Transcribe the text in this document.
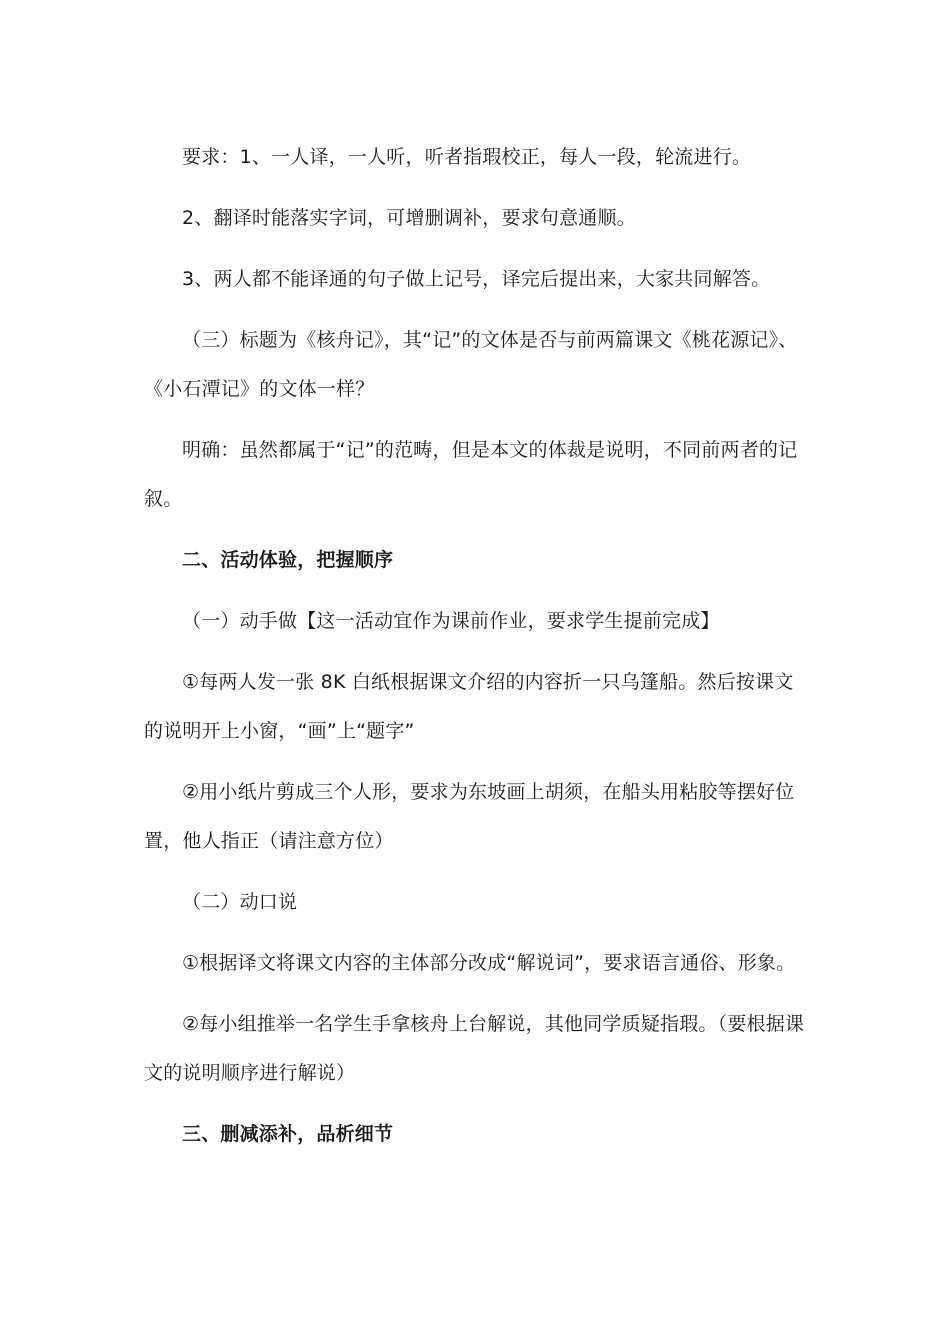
要求：1、一人译，一人听，听者指瑕校正，每人一段，轮流进行。

2、翻译时能落实字词，可增删调补，要求句意通顺。

3、两人都不能译通的句子做上记号，译完后提出来，大家共同解答。

（三）标题为《核舟记》，其“记”的文体是否与前两篇课文《桃花源记》、《小石潭记》的文体一样？

明确：虽然都属于“记”的范畴，但是本文的体裁是说明，不同前两者的记叙。

二、活动体验，把握顺序

（一）动手做【这一活动宜作为课前作业，要求学生提前完成】

①每两人发一张 8K 白纸根据课文介绍的内容折一只乌篷船。然后按课文的说明开上小窗，“画”上“题字”

②用小纸片剪成三个人形，要求为东坡画上胡须，在船头用粘胶等摆好位置，他人指正（请注意方位）

（二）动口说

①根据译文将课文内容的主体部分改成“解说词”，要求语言通俗、形象。

②每小组推举一名学生手拿核舟上台解说，其他同学质疑指瑕。（要根据课文的说明顺序进行解说）

三、删减添补，品析细节
